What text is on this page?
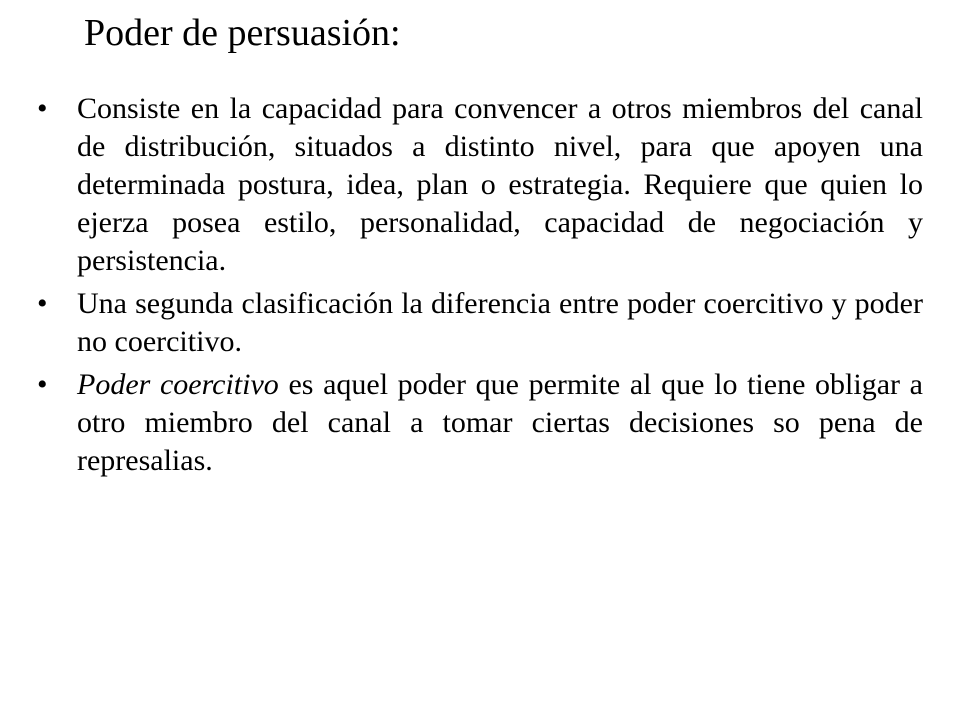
Poder de persuasión:
• Consiste en la capacidad para convencer a otros miembros del canal de distribución, situados a distinto nivel, para que apoyen una determinada postura, idea, plan o estrategia. Requiere que quien lo ejerza posea estilo, personalidad, capacidad de negociación y persistencia.
• Una segunda clasificación la diferencia entre poder coercitivo y poder no coercitivo.
• Poder coercitivo es aquel poder que permite al que lo tiene obligar a otro miembro del canal a tomar ciertas decisiones so pena de represalias.
